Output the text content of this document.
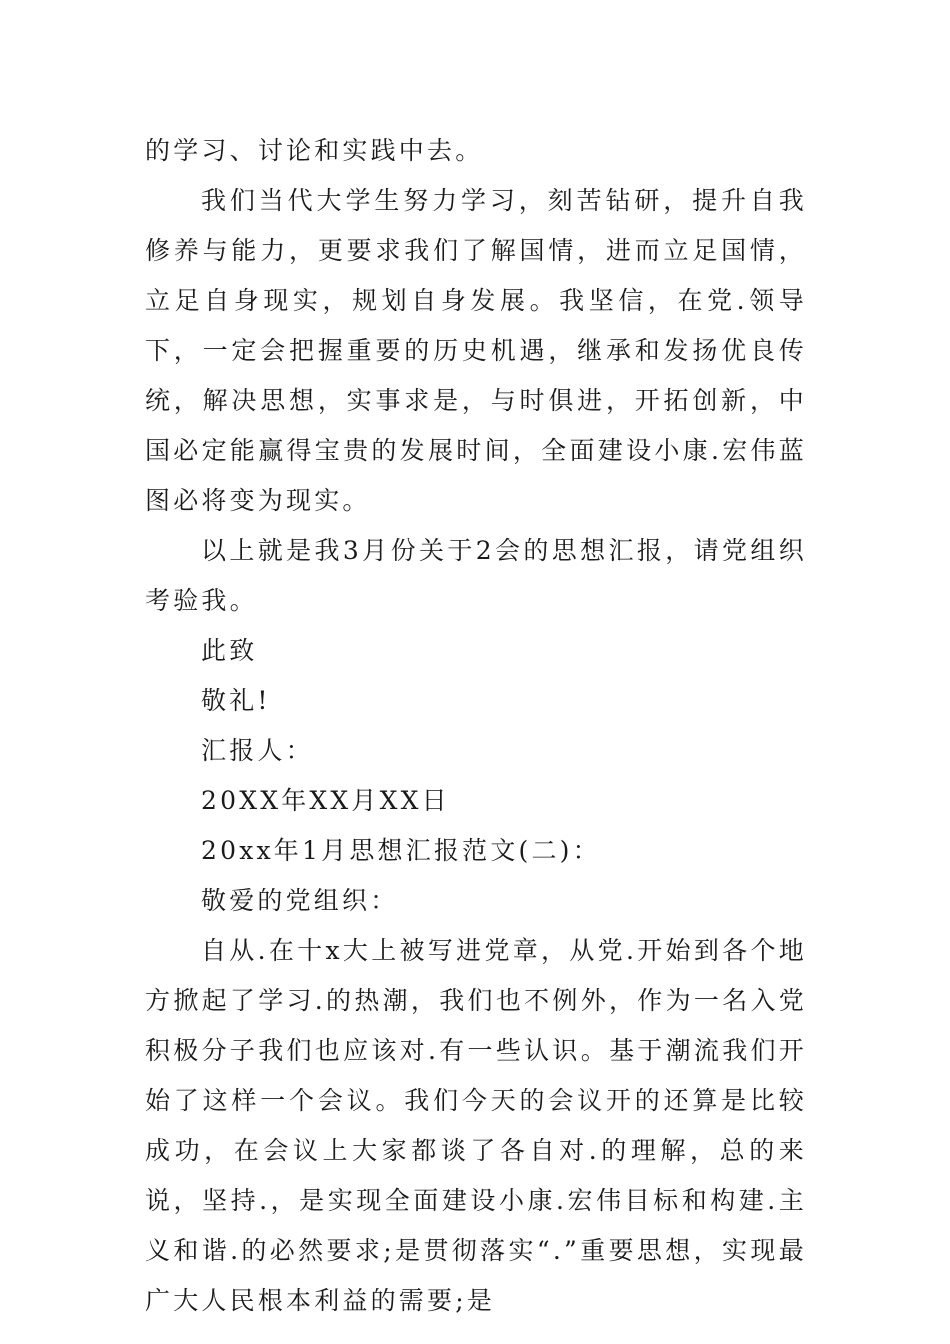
的学习、讨论和实践中去。

我们当代大学生努力学习，刻苦钻研，提升自我修养与能力，更要求我们了解国情，进而立足国情，立足自身现实，规划自身发展。我坚信，在党.领导下，一定会把握重要的历史机遇，继承和发扬优良传统，解决思想，实事求是，与时俱进，开拓创新，中国必定能赢得宝贵的发展时间，全面建设小康.宏伟蓝图必将变为现实。

以上就是我3月份关于2会的思想汇报，请党组织考验我。

此致

敬礼!

汇报人：

20XX年XX月XX日

20xx年1月思想汇报范文(二)：

敬爱的党组织：

自从.在十x大上被写进党章，从党.开始到各个地方掀起了学习.的热潮，我们也不例外，作为一名入党积极分子我们也应该对.有一些认识。基于潮流我们开始了这样一个会议。我们今天的会议开的还算是比较成功，在会议上大家都谈了各自对.的理解，总的来说，坚持.，是实现全面建设小康.宏伟目标和构建.主义和谐.的必然要求;是贯彻落实“.”重要思想，实现最广大人民根本利益的需要;是
